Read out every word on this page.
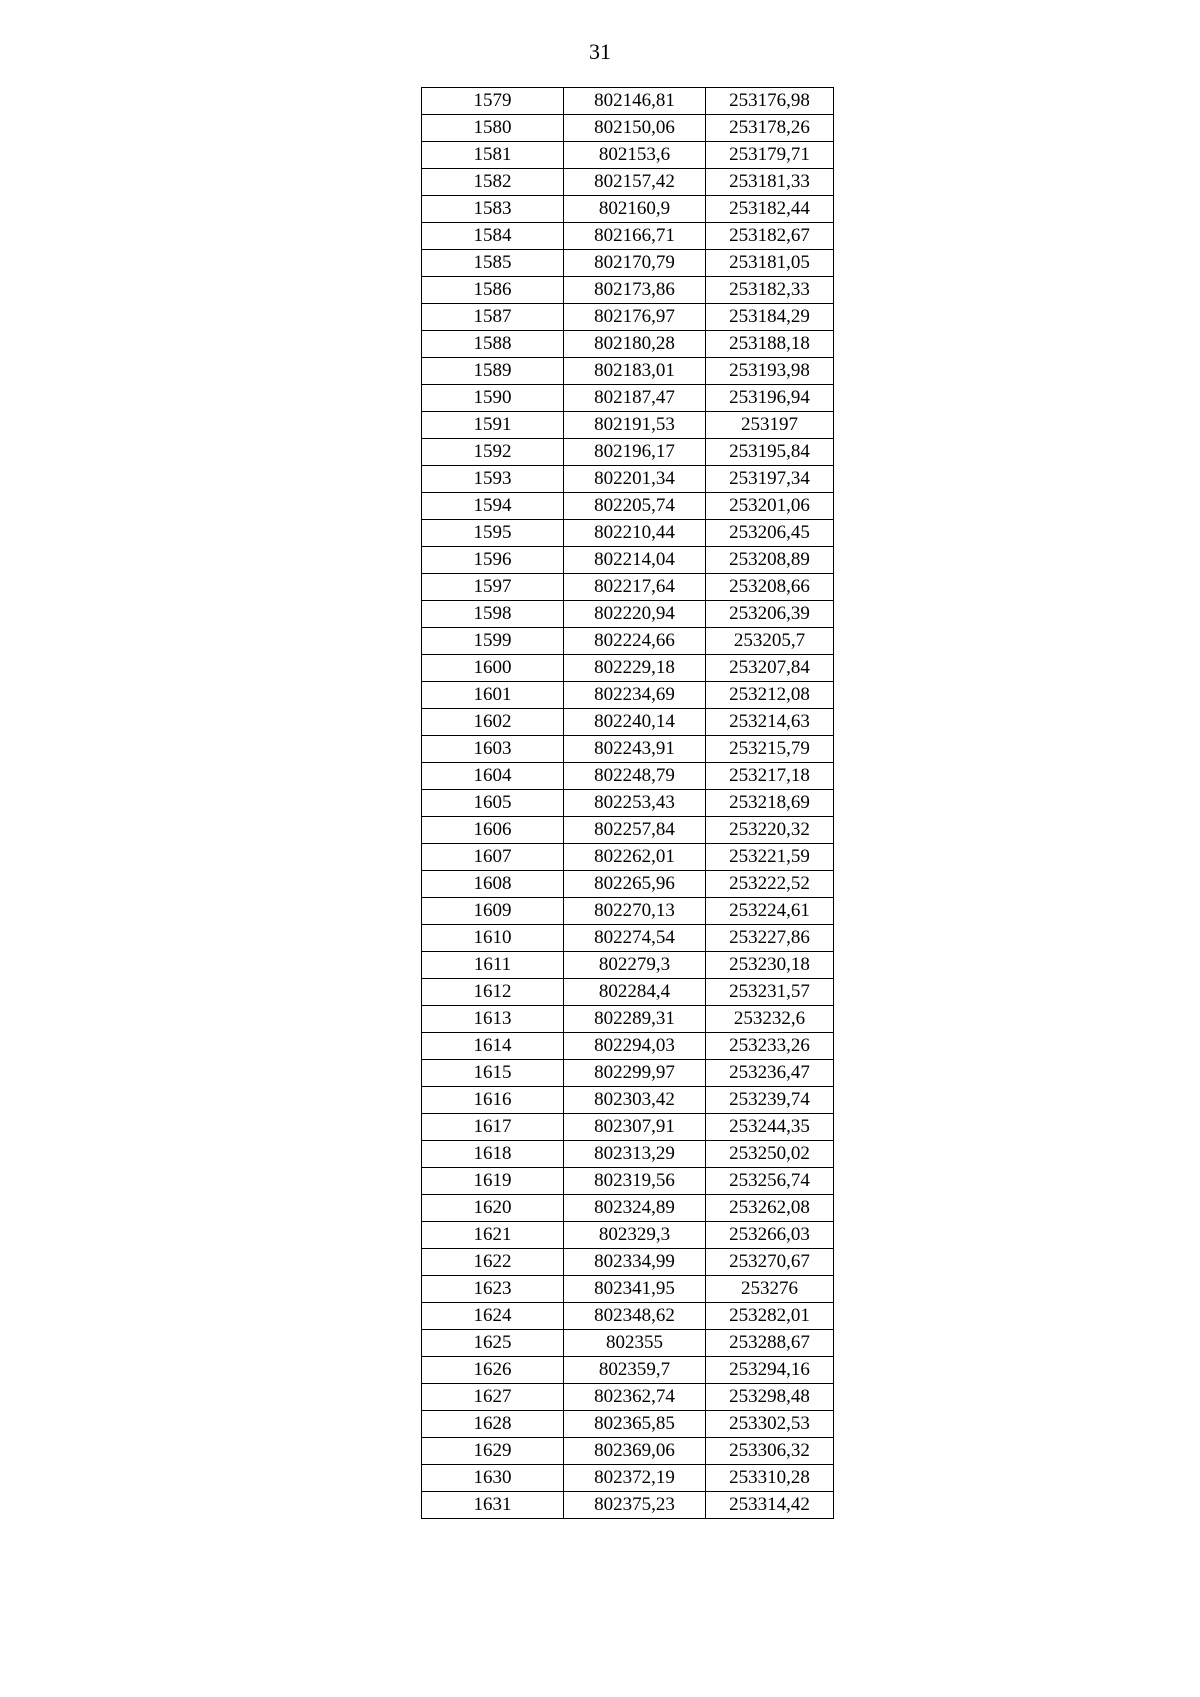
31
1579	802146,81	253176,98
1580	802150,06	253178,26
1581	802153,6	253179,71
1582	802157,42	253181,33
1583	802160,9	253182,44
1584	802166,71	253182,67
1585	802170,79	253181,05
1586	802173,86	253182,33
1587	802176,97	253184,29
1588	802180,28	253188,18
1589	802183,01	253193,98
1590	802187,47	253196,94
1591	802191,53	253197
1592	802196,17	253195,84
1593	802201,34	253197,34
1594	802205,74	253201,06
1595	802210,44	253206,45
1596	802214,04	253208,89
1597	802217,64	253208,66
1598	802220,94	253206,39
1599	802224,66	253205,7
1600	802229,18	253207,84
1601	802234,69	253212,08
1602	802240,14	253214,63
1603	802243,91	253215,79
1604	802248,79	253217,18
1605	802253,43	253218,69
1606	802257,84	253220,32
1607	802262,01	253221,59
1608	802265,96	253222,52
1609	802270,13	253224,61
1610	802274,54	253227,86
1611	802279,3	253230,18
1612	802284,4	253231,57
1613	802289,31	253232,6
1614	802294,03	253233,26
1615	802299,97	253236,47
1616	802303,42	253239,74
1617	802307,91	253244,35
1618	802313,29	253250,02
1619	802319,56	253256,74
1620	802324,89	253262,08
1621	802329,3	253266,03
1622	802334,99	253270,67
1623	802341,95	253276
1624	802348,62	253282,01
1625	802355	253288,67
1626	802359,7	253294,16
1627	802362,74	253298,48
1628	802365,85	253302,53
1629	802369,06	253306,32
1630	802372,19	253310,28
1631	802375,23	253314,42
